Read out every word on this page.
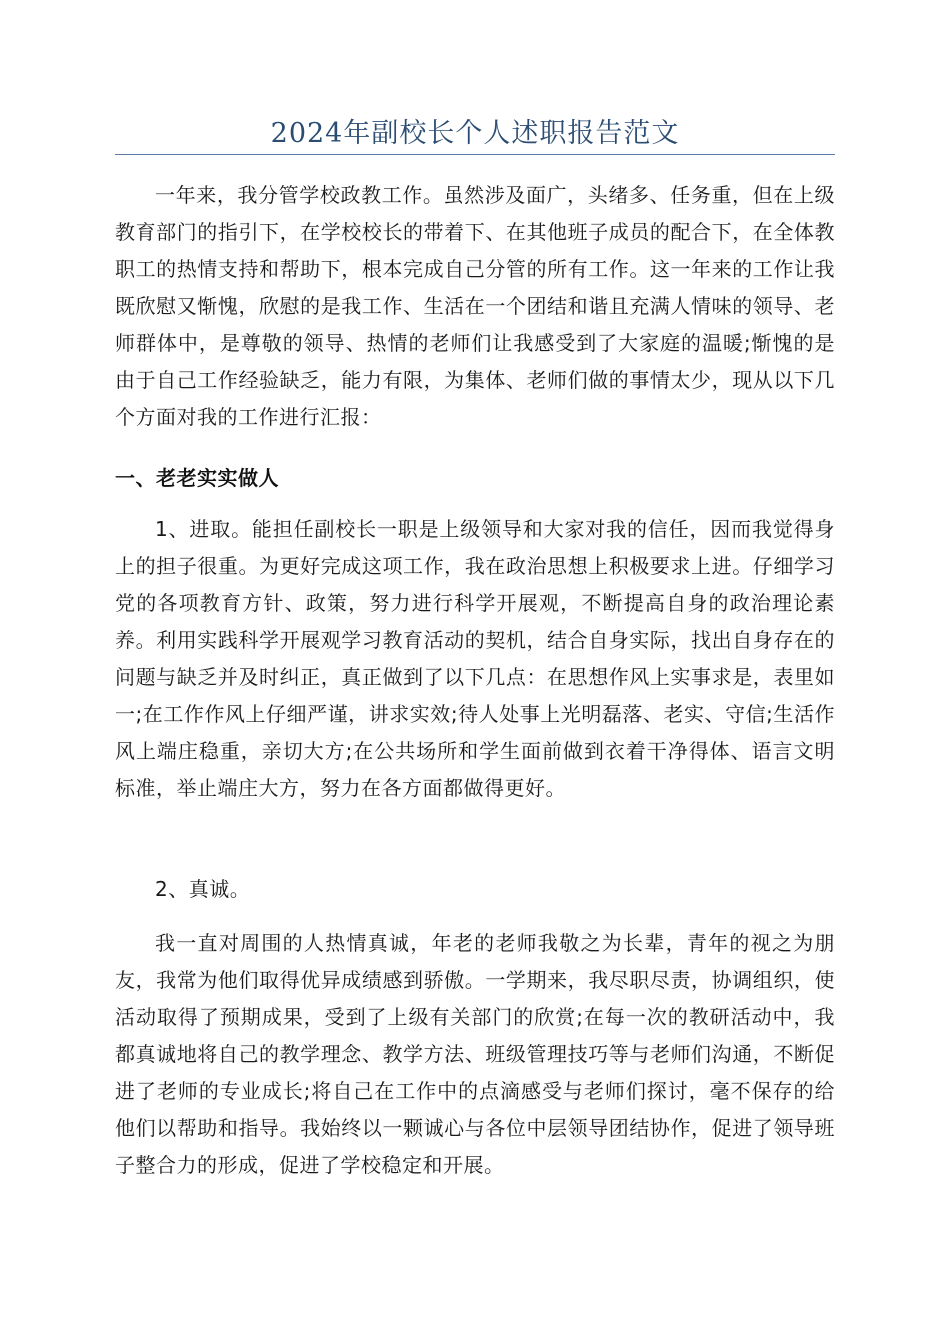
2024年副校长个人述职报告范文

一年来，我分管学校政教工作。虽然涉及面广，头绪多、任务重，但在上级教育部门的指引下，在学校校长的带着下、在其他班子成员的配合下，在全体教职工的热情支持和帮助下，根本完成自己分管的所有工作。这一年来的工作让我既欣慰又惭愧，欣慰的是我工作、生活在一个团结和谐且充满人情味的领导、老师群体中，是尊敬的领导、热情的老师们让我感受到了大家庭的温暖;惭愧的是由于自己工作经验缺乏，能力有限，为集体、老师们做的事情太少，现从以下几个方面对我的工作进行汇报：

一、老老实实做人

1、进取。能担任副校长一职是上级领导和大家对我的信任，因而我觉得身上的担子很重。为更好完成这项工作，我在政治思想上积极要求上进。仔细学习党的各项教育方针、政策，努力进行科学开展观，不断提高自身的政治理论素养。利用实践科学开展观学习教育活动的契机，结合自身实际，找出自身存在的问题与缺乏并及时纠正，真正做到了以下几点：在思想作风上实事求是，表里如一;在工作作风上仔细严谨，讲求实效;待人处事上光明磊落、老实、守信;生活作风上端庄稳重，亲切大方;在公共场所和学生面前做到衣着干净得体、语言文明标准，举止端庄大方，努力在各方面都做得更好。

2、真诚。

我一直对周围的人热情真诚，年老的老师我敬之为长辈，青年的视之为朋友，我常为他们取得优异成绩感到骄傲。一学期来，我尽职尽责，协调组织，使活动取得了预期成果，受到了上级有关部门的欣赏;在每一次的教研活动中，我都真诚地将自己的教学理念、教学方法、班级管理技巧等与老师们沟通，不断促进了老师的专业成长;将自己在工作中的点滴感受与老师们探讨，毫不保存的给他们以帮助和指导。我始终以一颗诚心与各位中层领导团结协作，促进了领导班子整合力的形成，促进了学校稳定和开展。
